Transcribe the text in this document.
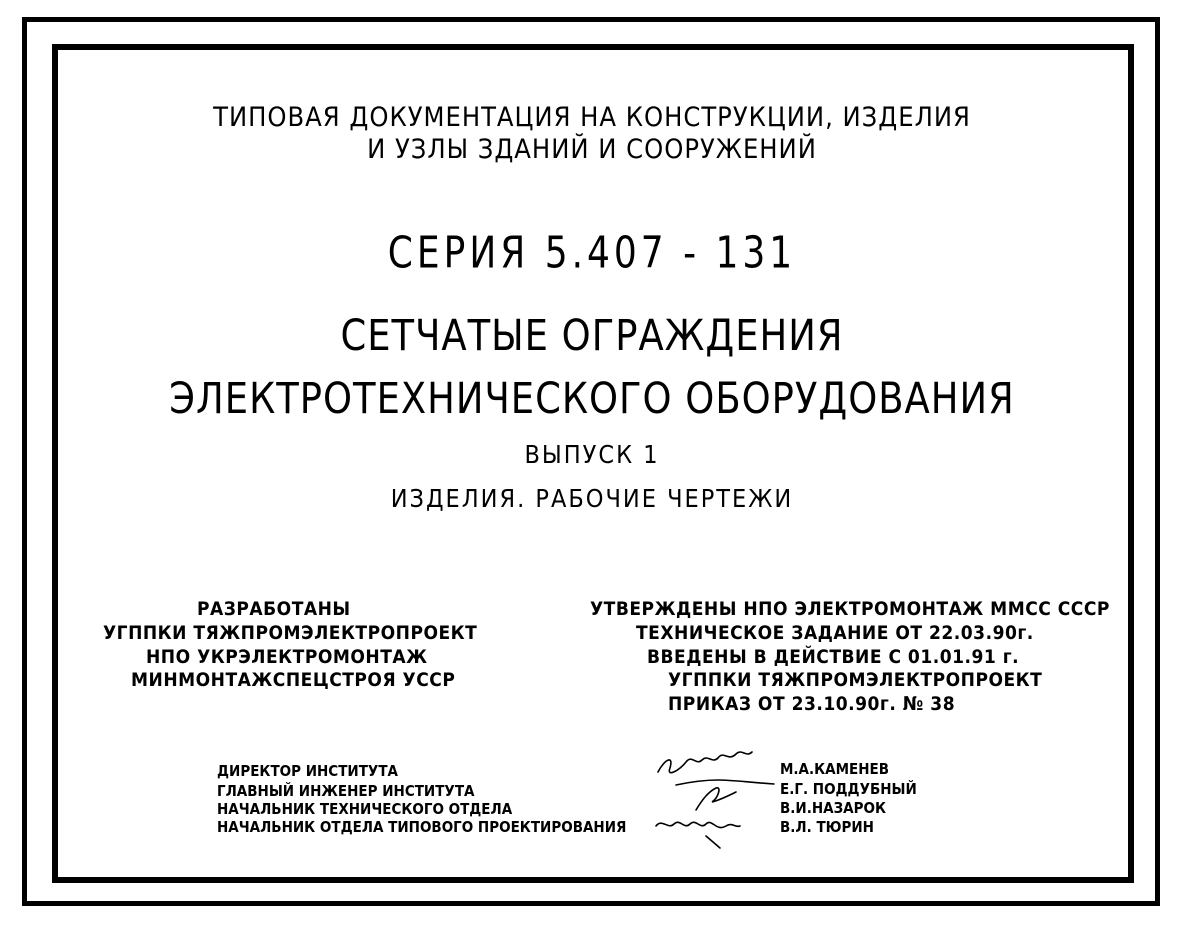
ТИПОВАЯ ДОКУМЕНТАЦИЯ НА КОНСТРУКЦИИ, ИЗДЕЛИЯ
И УЗЛЫ ЗДАНИЙ И СООРУЖЕНИЙ
СЕРИЯ 5.407 - 131
СЕТЧАТЫЕ ОГРАЖДЕНИЯ
ЭЛЕКТРОТЕХНИЧЕСКОГО ОБОРУДОВАНИЯ
ВЫПУСК 1
ИЗДЕЛИЯ. РАБОЧИЕ ЧЕРТЕЖИ
РАЗРАБОТАНЫ
УГППКИ ТЯЖПРОМЭЛЕКТРОПРОЕКТ
НПО УКРЭЛЕКТРОМОНТАЖ
МИНМОНТАЖСПЕЦСТРОЯ УССР
УТВЕРЖДЕНЫ НПО ЭЛЕКТРОМОНТАЖ ММСС СССР
ТЕХНИЧЕСКОЕ ЗАДАНИЕ ОТ 22.03.90г.
ВВЕДЕНЫ В ДЕЙСТВИЕ С 01.01.91 г.
УГППКИ ТЯЖПРОМЭЛЕКТРОПРОЕКТ
ПРИКАЗ ОТ 23.10.90г. № 38
ДИРЕКТОР ИНСТИТУТА
ГЛАВНЫЙ ИНЖЕНЕР ИНСТИТУТА
НАЧАЛЬНИК ТЕХНИЧЕСКОГО ОТДЕЛА
НАЧАЛЬНИК ОТДЕЛА ТИПОВОГО ПРОЕКТИРОВАНИЯ
М.А.КАМЕНЕВ
Е.Г. ПОДДУБНЫЙ
В.И.НАЗАРОК
В.Л. ТЮРИН
